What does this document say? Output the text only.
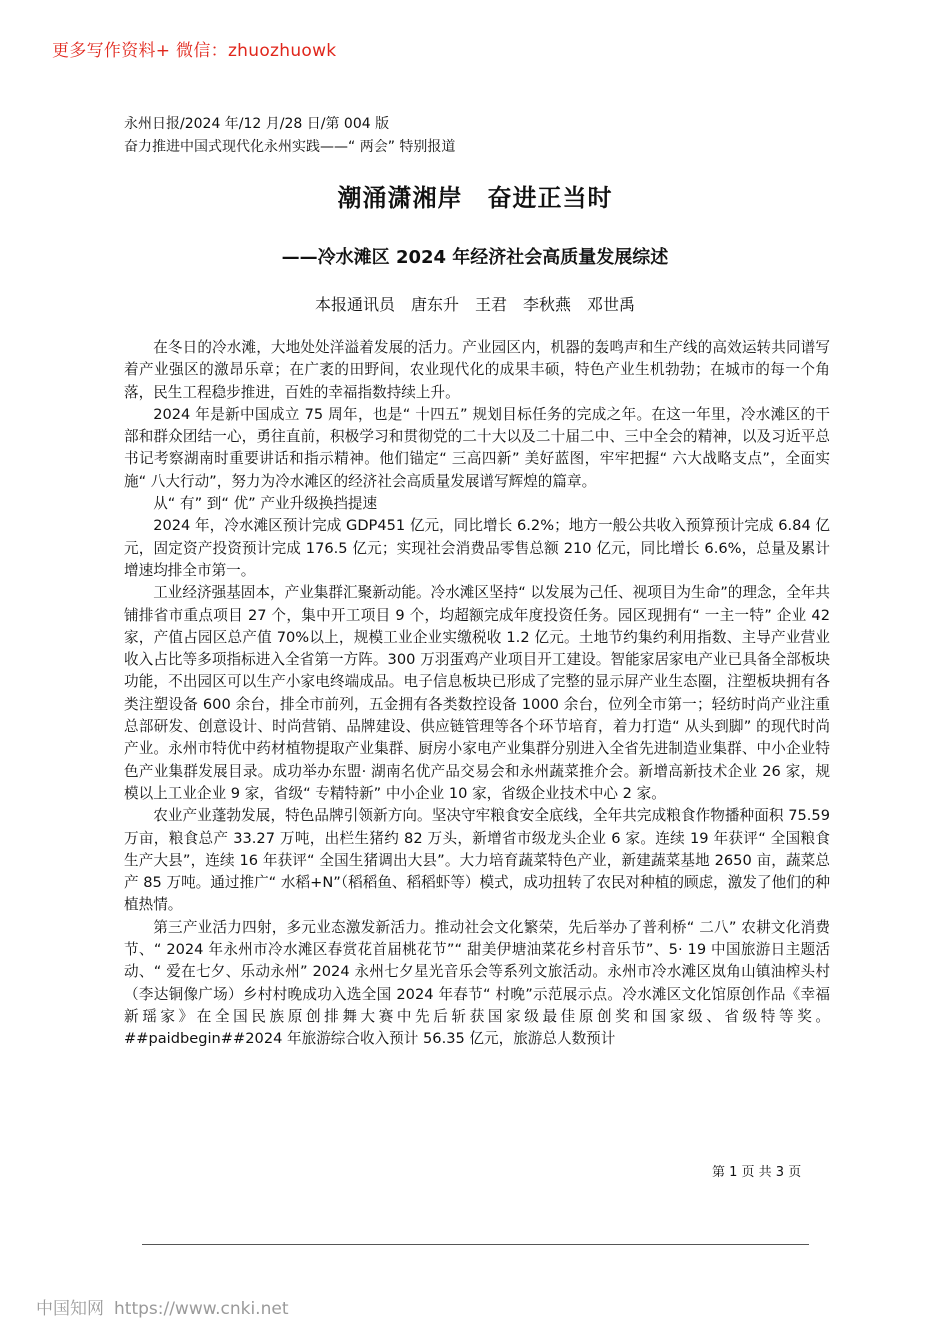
更多写作资料+ 微信：zhuozhuowk
永州日报/2024 年/12 月/28 日/第 004 版
奋力推进中国式现代化永州实践——“ 两会” 特别报道
潮涌潇湘岸　奋进正当时
——冷水滩区 2024 年经济社会高质量发展综述
本报通讯员　唐东升　王君　李秋燕　邓世禹

在冬日的冷水滩，大地处处洋溢着发展的活力。产业园区内，机器的轰鸣声和生产线的高效运转共同谱写着产业强区的激昂乐章；在广袤的田野间，农业现代化的成果丰硕，特色产业生机勃勃；在城市的每一个角落，民生工程稳步推进，百姓的幸福指数持续上升。

2024 年是新中国成立 75 周年，也是“ 十四五” 规划目标任务的完成之年。在这一年里，冷水滩区的干部和群众团结一心，勇往直前，积极学习和贯彻党的二十大以及二十届二中、三中全会的精神，以及习近平总书记考察湖南时重要讲话和指示精神。他们锚定“ 三高四新” 美好蓝图，牢牢把握“ 六大战略支点”，全面实施“ 八大行动”，努力为冷水滩区的经济社会高质量发展谱写辉煌的篇章。

从“ 有” 到“ 优” 产业升级换挡提速

2024 年，冷水滩区预计完成 GDP451 亿元，同比增长 6.2%；地方一般公共收入预算预计完成 6.84 亿元，固定资产投资预计完成 176.5 亿元；实现社会消费品零售总额 210 亿元，同比增长 6.6%，总量及累计增速均排全市第一。

工业经济强基固本，产业集群汇聚新动能。冷水滩区坚持“ 以发展为己任、视项目为生命”的理念，全年共铺排省市重点项目 27 个，集中开工项目 9 个，均超额完成年度投资任务。园区现拥有“ 一主一特” 企业 42 家，产值占园区总产值 70%以上，规模工业企业实缴税收 1.2 亿元。土地节约集约利用指数、主导产业营业收入占比等多项指标进入全省第一方阵。300 万羽蛋鸡产业项目开工建设。智能家居家电产业已具备全部板块功能，不出园区可以生产小家电终端成品。电子信息板块已形成了完整的显示屏产业生态圈，注塑板块拥有各类注塑设备 600 余台，排全市前列，五金拥有各类数控设备 1000 余台，位列全市第一；轻纺时尚产业注重总部研发、创意设计、时尚营销、品牌建设、供应链管理等各个环节培育，着力打造“ 从头到脚” 的现代时尚产业。永州市特优中药材植物提取产业集群、厨房小家电产业集群分别进入全省先进制造业集群、中小企业特色产业集群发展目录。成功举办东盟· 湖南名优产品交易会和永州蔬菜推介会。新增高新技术企业 26 家，规模以上工业企业 9 家，省级“ 专精特新” 中小企业 10 家，省级企业技术中心 2 家。

农业产业蓬勃发展，特色品牌引领新方向。坚决守牢粮食安全底线，全年共完成粮食作物播种面积 75.59 万亩，粮食总产 33.27 万吨，出栏生猪约 82 万头，新增省市级龙头企业 6 家。连续 19 年获评“ 全国粮食生产大县”，连续 16 年获评“ 全国生猪调出大县”。大力培育蔬菜特色产业，新建蔬菜基地 2650 亩，蔬菜总产 85 万吨。通过推广“ 水稻+N”（稻稻鱼、稻稻虾等）模式，成功扭转了农民对种植的顾虑，激发了他们的种植热情。

第三产业活力四射，多元业态激发新活力。推动社会文化繁荣，先后举办了普利桥“ 二八” 农耕文化消费节、“ 2024 年永州市冷水滩区春赏花首届桃花节”“ 甜美伊塘油菜花乡村音乐节”、5· 19 中国旅游日主题活动、“ 爱在七夕、乐动永州” 2024 永州七夕星光音乐会等系列文旅活动。永州市冷水滩区岚角山镇油榨头村（李达铜像广场）乡村村晚成功入选全国 2024 年春节“ 村晚”示范展示点。冷水滩区文化馆原创作品《幸福新瑶家》在全国民族原创排舞大赛中先后斩获国家级最佳原创奖和国家级、省级特等奖。##paidbegin##2024 年旅游综合收入预计 56.35 亿元，旅游总人数预计

第 1 页 共 3 页
中国知网 https://www.cnki.net
